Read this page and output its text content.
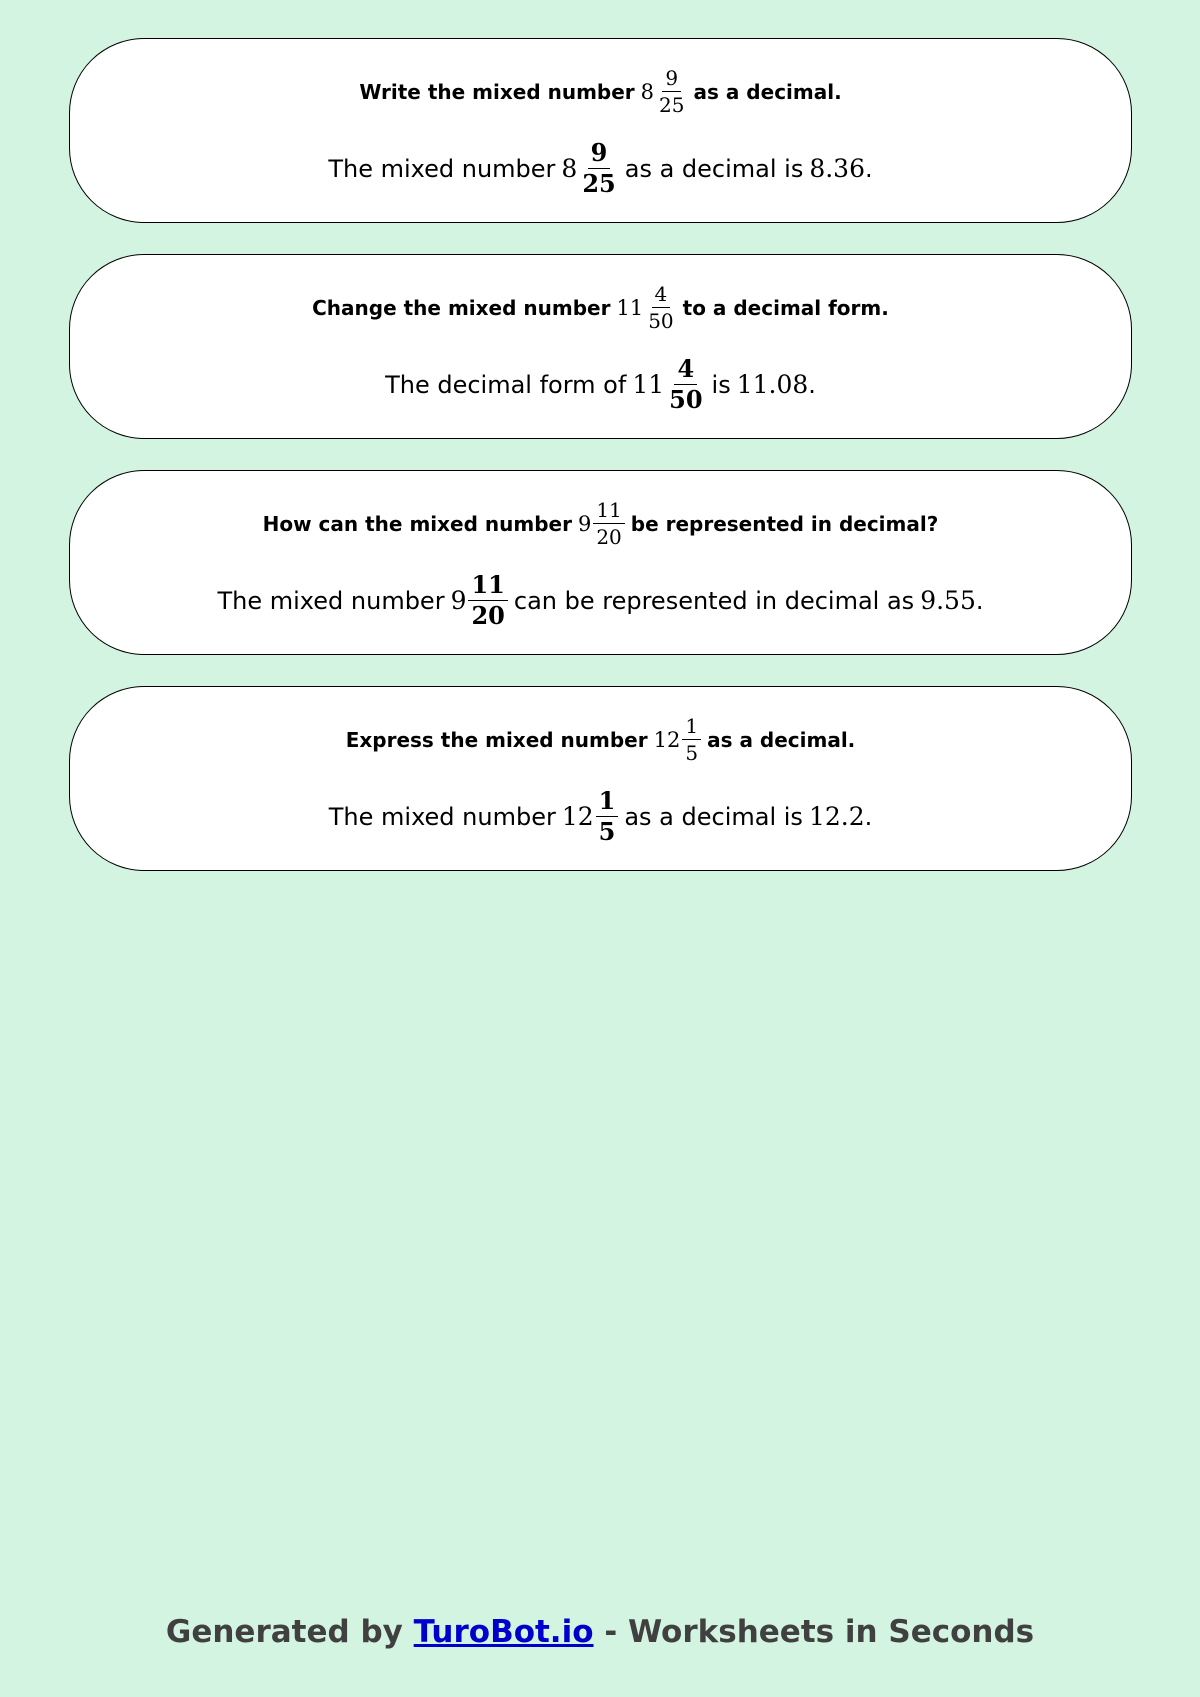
Write the mixed number $8 \frac{9}{25}$ as a decimal.
The mixed number $8 \frac{9}{25}$ as a decimal is 8.36 .
Change the mixed number $11 \frac{4}{50}$ to a decimal form.
The decimal form of $11 \frac{4}{50}$ is 11.08 .
How can the mixed number $9 \frac{11}{20}$ be represented in decimal?
The mixed number $9 \frac{11}{20}$ can be represented in decimal as 9.55 .
Express the mixed number $12 \frac{1}{5}$ as a decimal.
The mixed number $12 \frac{1}{5}$ as a decimal is 12.2 .
Generated by TuroBot.io - Worksheets in Seconds
